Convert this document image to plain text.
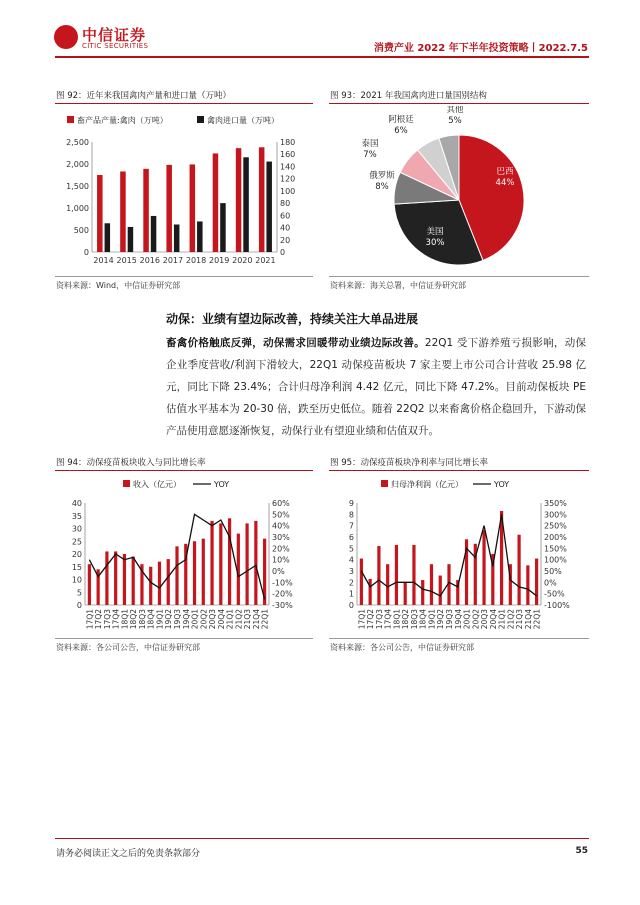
中信证券
CITIC SECURITIES	消费产业 2022 年下半年投资策略丨2022.7.5
图 92：近年来我国禽肉产量和进口量（万吨）
0
500
1,000
1,500
2,000
2,500
0
20
40
60
80
100
120
140
160
180
2014 2015 2016 2017 2018 2019 2020 2021
畜产品产量:禽肉（万吨）	禽肉进口量（万吨）
资料来源：Wind，中信证券研究部
图 93：2021 年我国禽肉进口量国别结构
巴西
44%
美国
30%
俄罗斯
8%
泰国
7%
阿根廷
6%
其他
5%
资料来源：海关总署，中信证券研究部
动保：业绩有望边际改善，持续关注大单品进展
畜禽价格触底反弹，动保需求回暖带动业绩边际改善。22Q1 受下游养殖亏损影响，动保企业季度营收/利润下滑较大，22Q1 动保疫苗板块 7 家主要上市公司合计营收 25.98 亿元，同比下降 23.4%；合计归母净利润 4.42 亿元，同比下降 47.2%。目前动保板块 PE 估值水平基本为 20-30 倍，跌至历史低位。随着 22Q2 以来畜禽价格企稳回升，下游动保产品使用意愿逐渐恢复，动保行业有望迎业绩和估值双升。
图 94：动保疫苗板块收入与同比增长率
0
5
10
15
20
25
30
35
40
-30%
-20%
-10%
0%
10%
20%
30%
40%
50%
60%
17Q1 17Q2 17Q3 17Q4 18Q1 18Q2 18Q3 18Q4 19Q1 19Q2 19Q3 19Q4 20Q1 20Q2 20Q3 20Q4 21Q1 21Q2 21Q3 21Q4 22Q1
收入（亿元）	YOY
资料来源：各公司公告，中信证券研究部
图 95：动保疫苗板块净利率与同比增长率
0
1
2
3
4
5
6
7
8
9
-100%
-50%
0%
50%
100%
150%
200%
250%
300%
350%
17Q1 17Q2 17Q3 17Q4 18Q1 18Q2 18Q3 18Q4 19Q1 19Q2 19Q3 19Q4 20Q1 20Q2 20Q3 20Q4 21Q1 21Q2 21Q3 21Q4 22Q1
归母净利润（亿元）	YOY
资料来源：各公司公告，中信证券研究部
请务必阅读正文之后的免责条款部分	55
